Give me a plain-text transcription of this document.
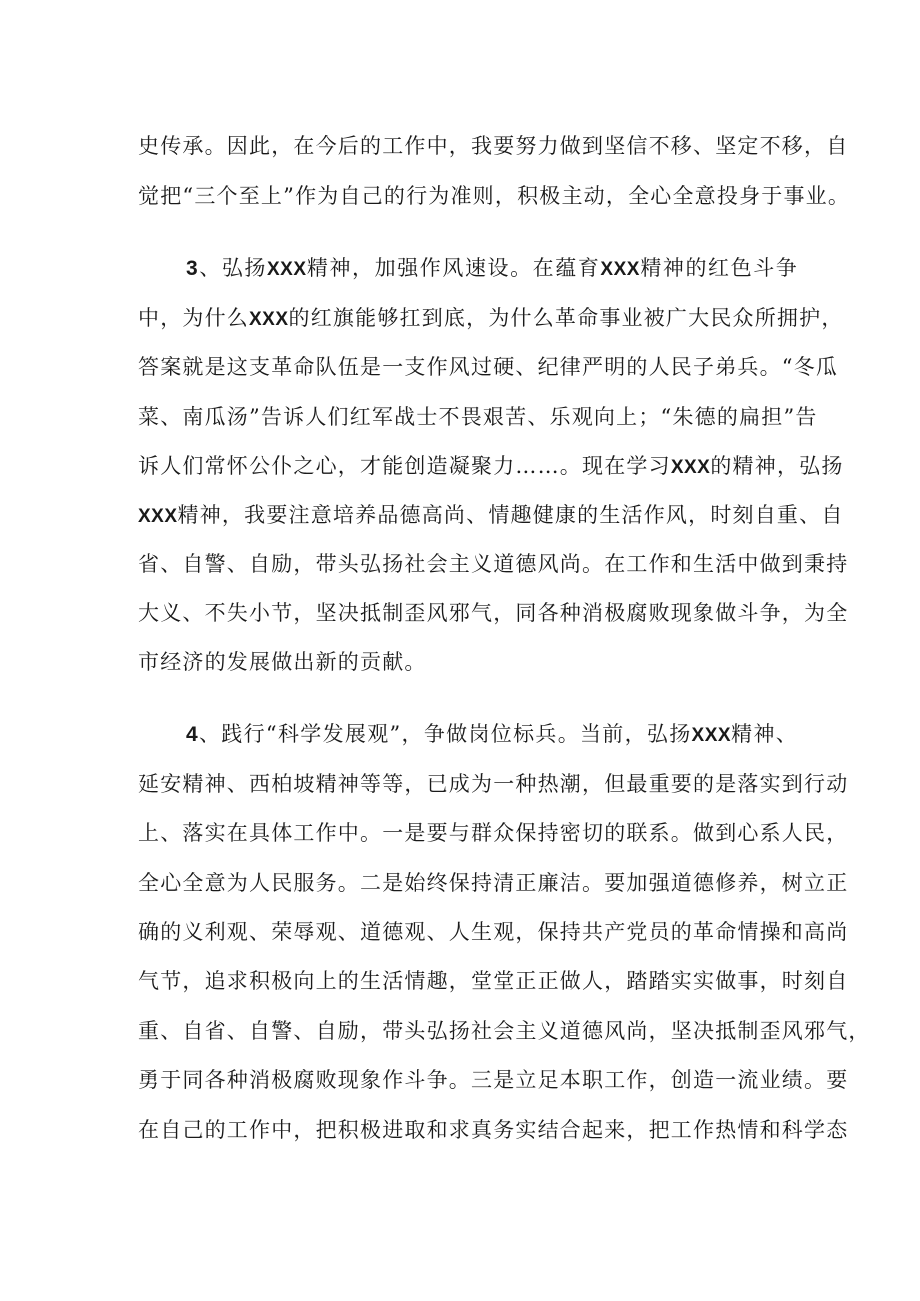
史传承。因此，在今后的工作中，我要努力做到坚信不移、坚定不移，自
觉把“三个至上”作为自己的行为准则，积极主动，全心全意投身于事业。
3、弘扬XXX精神，加强作风速设。在蕴育XXX精神的红色斗争
中，为什么XXX的红旗能够扛到底，为什么革命事业被广大民众所拥护，
答案就是这支革命队伍是一支作风过硬、纪律严明的人民子弟兵。“冬瓜
菜、南瓜汤”告诉人们红军战士不畏艰苦、乐观向上；“朱德的扁担”告
诉人们常怀公仆之心，才能创造凝聚力……。现在学习XXX的精神，弘扬
XXX精神，我要注意培养品德高尚、情趣健康的生活作风，时刻自重、自
省、自警、自励，带头弘扬社会主义道德风尚。在工作和生活中做到秉持
大义、不失小节，坚决抵制歪风邪气，同各种消极腐败现象做斗争，为全
市经济的发展做出新的贡献。
4、践行“科学发展观”，争做岗位标兵。当前，弘扬XXX精神、
延安精神、西柏坡精神等等，已成为一种热潮，但最重要的是落实到行动
上、落实在具体工作中。一是要与群众保持密切的联系。做到心系人民，
全心全意为人民服务。二是始终保持清正廉洁。要加强道德修养，树立正
确的义利观、荣辱观、道德观、人生观，保持共产党员的革命情操和高尚
气节，追求积极向上的生活情趣，堂堂正正做人，踏踏实实做事，时刻自
重、自省、自警、自励，带头弘扬社会主义道德风尚，坚决抵制歪风邪气，
勇于同各种消极腐败现象作斗争。三是立足本职工作，创造一流业绩。要
在自己的工作中，把积极进取和求真务实结合起来，把工作热情和科学态
